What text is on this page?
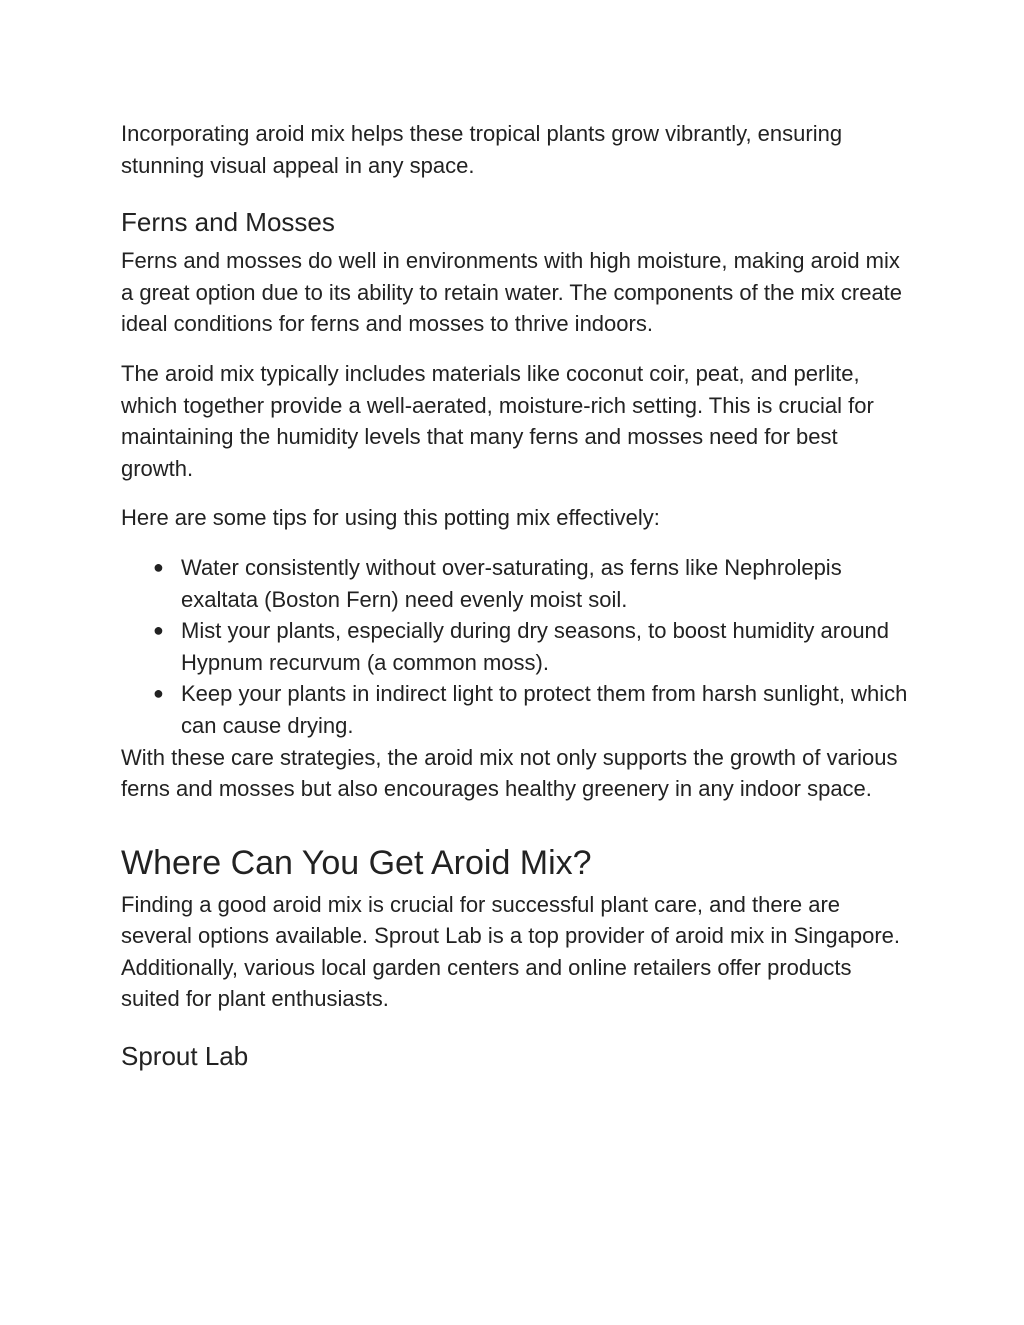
Incorporating aroid mix helps these tropical plants grow vibrantly, ensuring stunning visual appeal in any space.

Ferns and Mosses

Ferns and mosses do well in environments with high moisture, making aroid mix a great option due to its ability to retain water. The components of the mix create ideal conditions for ferns and mosses to thrive indoors.

The aroid mix typically includes materials like coconut coir, peat, and perlite, which together provide a well-aerated, moisture-rich setting. This is crucial for maintaining the humidity levels that many ferns and mosses need for best growth.

Here are some tips for using this potting mix effectively:

● Water consistently without over-saturating, as ferns like Nephrolepis exaltata (Boston Fern) need evenly moist soil.
● Mist your plants, especially during dry seasons, to boost humidity around Hypnum recurvum (a common moss).
● Keep your plants in indirect light to protect them from harsh sunlight, which can cause drying.

With these care strategies, the aroid mix not only supports the growth of various ferns and mosses but also encourages healthy greenery in any indoor space.

Where Can You Get Aroid Mix?

Finding a good aroid mix is crucial for successful plant care, and there are several options available. Sprout Lab is a top provider of aroid mix in Singapore. Additionally, various local garden centers and online retailers offer products suited for plant enthusiasts.

Sprout Lab
